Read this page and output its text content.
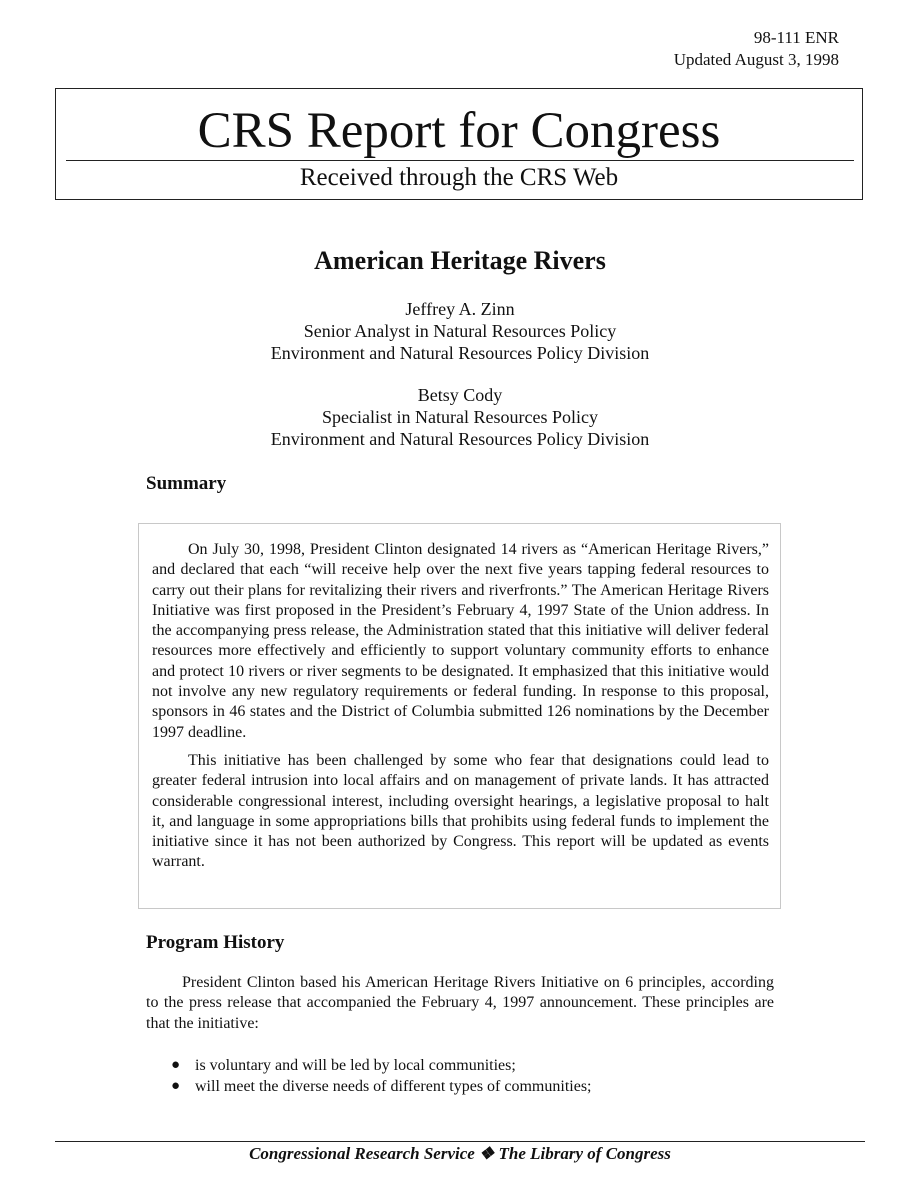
98-111 ENR
Updated August 3, 1998
CRS Report for Congress
Received through the CRS Web
American Heritage Rivers
Jeffrey A. Zinn
Senior Analyst in Natural Resources Policy
Environment and Natural Resources Policy Division
Betsy Cody
Specialist in Natural Resources Policy
Environment and Natural Resources Policy Division
Summary

On July 30, 1998, President Clinton designated 14 rivers as “American Heritage Rivers,” and declared that each “will receive help over the next five years tapping federal resources to carry out their plans for revitalizing their rivers and riverfronts.” The American Heritage Rivers Initiative was first proposed in the President’s February 4, 1997 State of the Union address. In the accompanying press release, the Administration stated that this initiative will deliver federal resources more effectively and efficiently to support voluntary community efforts to enhance and protect 10 rivers or river segments to be designated. It emphasized that this initiative would not involve any new regulatory requirements or federal funding. In response to this proposal, sponsors in 46 states and the District of Columbia submitted 126 nominations by the December 1997 deadline.

This initiative has been challenged by some who fear that designations could lead to greater federal intrusion into local affairs and on management of private lands. It has attracted considerable congressional interest, including oversight hearings, a legislative proposal to halt it, and language in some appropriations bills that prohibits using federal funds to implement the initiative since it has not been authorized by Congress. This report will be updated as events warrant.

Program History

President Clinton based his American Heritage Rivers Initiative on 6 principles, according to the press release that accompanied the February 4, 1997 announcement. These principles are that the initiative:

● is voluntary and will be led by local communities;
● will meet the diverse needs of different types of communities;
Congressional Research Service ❖ The Library of Congress
